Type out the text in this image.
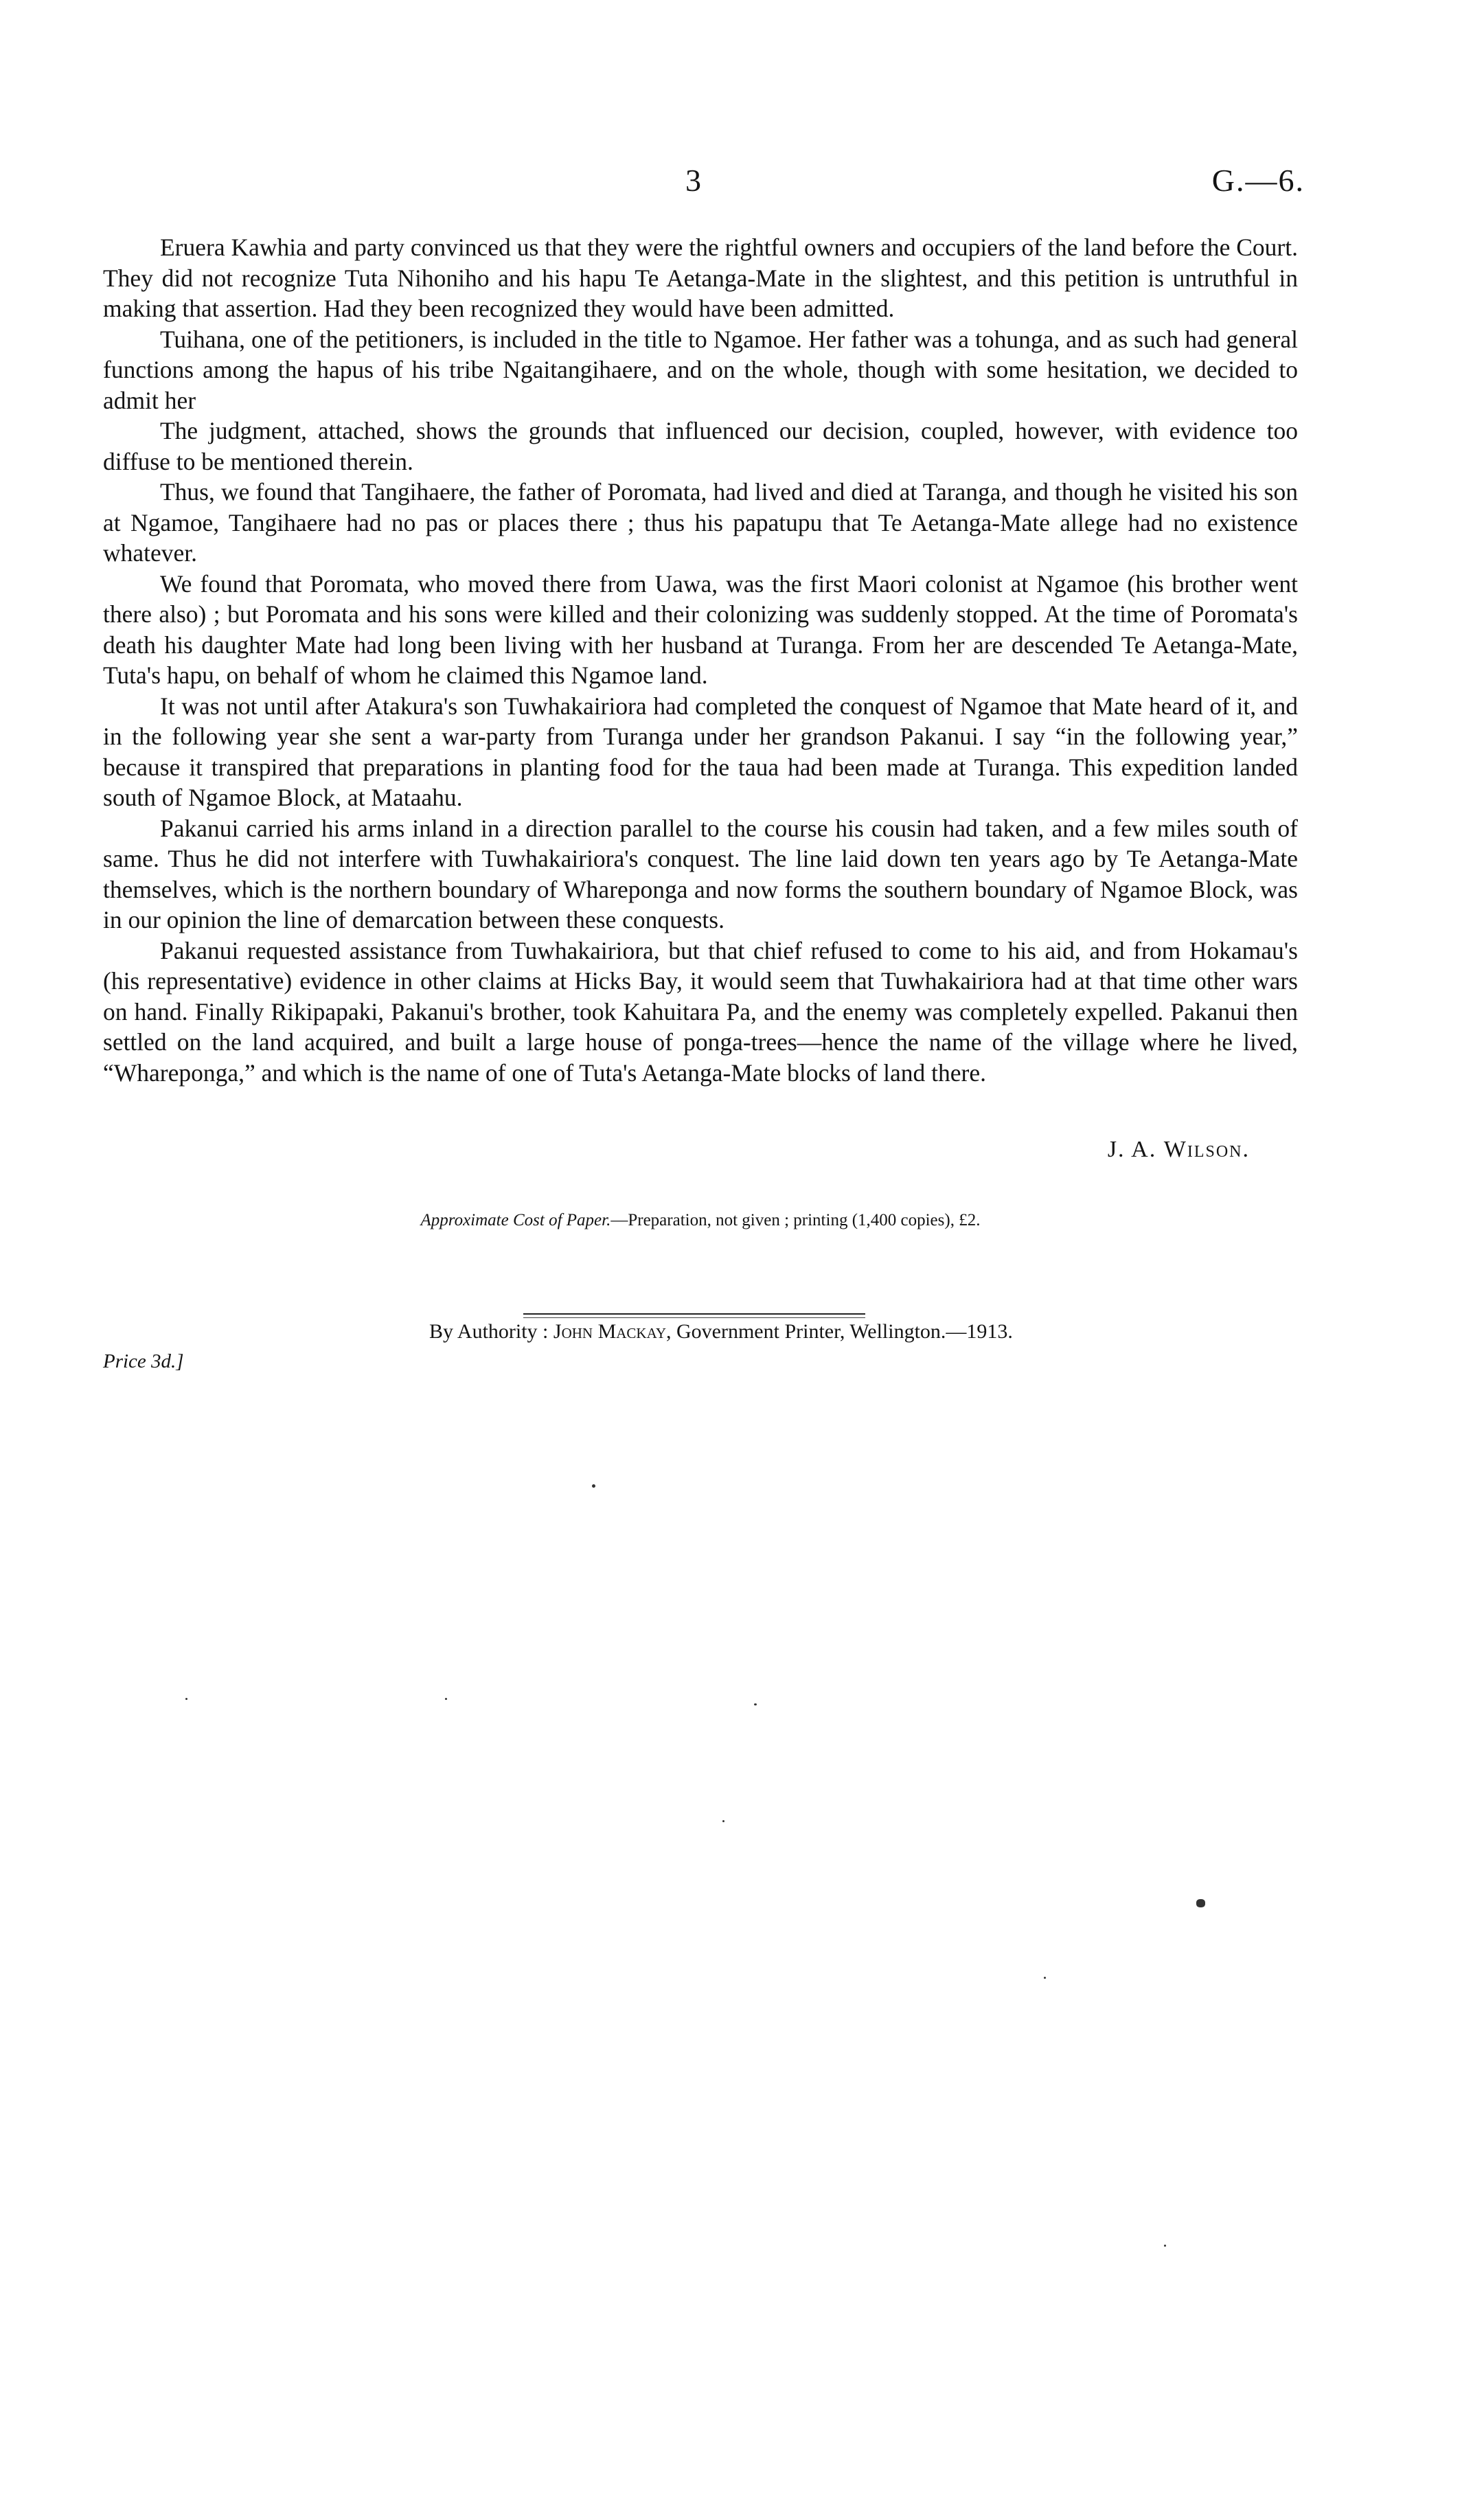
3	G.—6.

Eruera Kawhia and party convinced us that they were the rightful owners and occupiers of the land before the Court. They did not recognize Tuta Nihoniho and his hapu Te Aetanga-Mate in the slightest, and this petition is untruthful in making that assertion. Had they been recognized they would have been admitted.

Tuihana, one of the petitioners, is included in the title to Ngamoe. Her father was a tohunga, and as such had general functions among the hapus of his tribe Ngaitangihaere, and on the whole, though with some hesitation, we decided to admit her

The judgment, attached, shows the grounds that influenced our decision, coupled, however, with evidence too diffuse to be mentioned therein.

Thus, we found that Tangihaere, the father of Poromata, had lived and died at Taranga, and though he visited his son at Ngamoe, Tangihaere had no pas or places there ; thus his papatupu that Te Aetanga-Mate allege had no existence whatever.

We found that Poromata, who moved there from Uawa, was the first Maori colonist at Ngamoe (his brother went there also) ; but Poromata and his sons were killed and their colonizing was suddenly stopped. At the time of Poromata's death his daughter Mate had long been living with her husband at Turanga. From her are descended Te Aetanga-Mate, Tuta's hapu, on behalf of whom he claimed this Ngamoe land.

It was not until after Atakura's son Tuwhakairiora had completed the conquest of Ngamoe that Mate heard of it, and in the following year she sent a war-party from Turanga under her grandson Pakanui. I say “in the following year,” because it transpired that preparations in planting food for the taua had been made at Turanga. This expedition landed south of Ngamoe Block, at Mataahu.

Pakanui carried his arms inland in a direction parallel to the course his cousin had taken, and a few miles south of same. Thus he did not interfere with Tuwhakairiora's conquest. The line laid down ten years ago by Te Aetanga-Mate themselves, which is the northern boundary of Whareponga and now forms the southern boundary of Ngamoe Block, was in our opinion the line of demarcation between these conquests.

Pakanui requested assistance from Tuwhakairiora, but that chief refused to come to his aid, and from Hokamau's (his representative) evidence in other claims at Hicks Bay, it would seem that Tuwhakairiora had at that time other wars on hand. Finally Rikipapaki, Pakanui's brother, took Kahuitara Pa, and the enemy was completely expelled. Pakanui then settled on the land acquired, and built a large house of ponga-trees—hence the name of the village where he lived, “Whareponga,” and which is the name of one of Tuta's Aetanga-Mate blocks of land there.

J. A. Wilson.
Approximate Cost of Paper.—Preparation, not given ; printing (1,400 copies), £2.
By Authority : John Mackay, Government Printer, Wellington.—1913.
Price 3d.]
